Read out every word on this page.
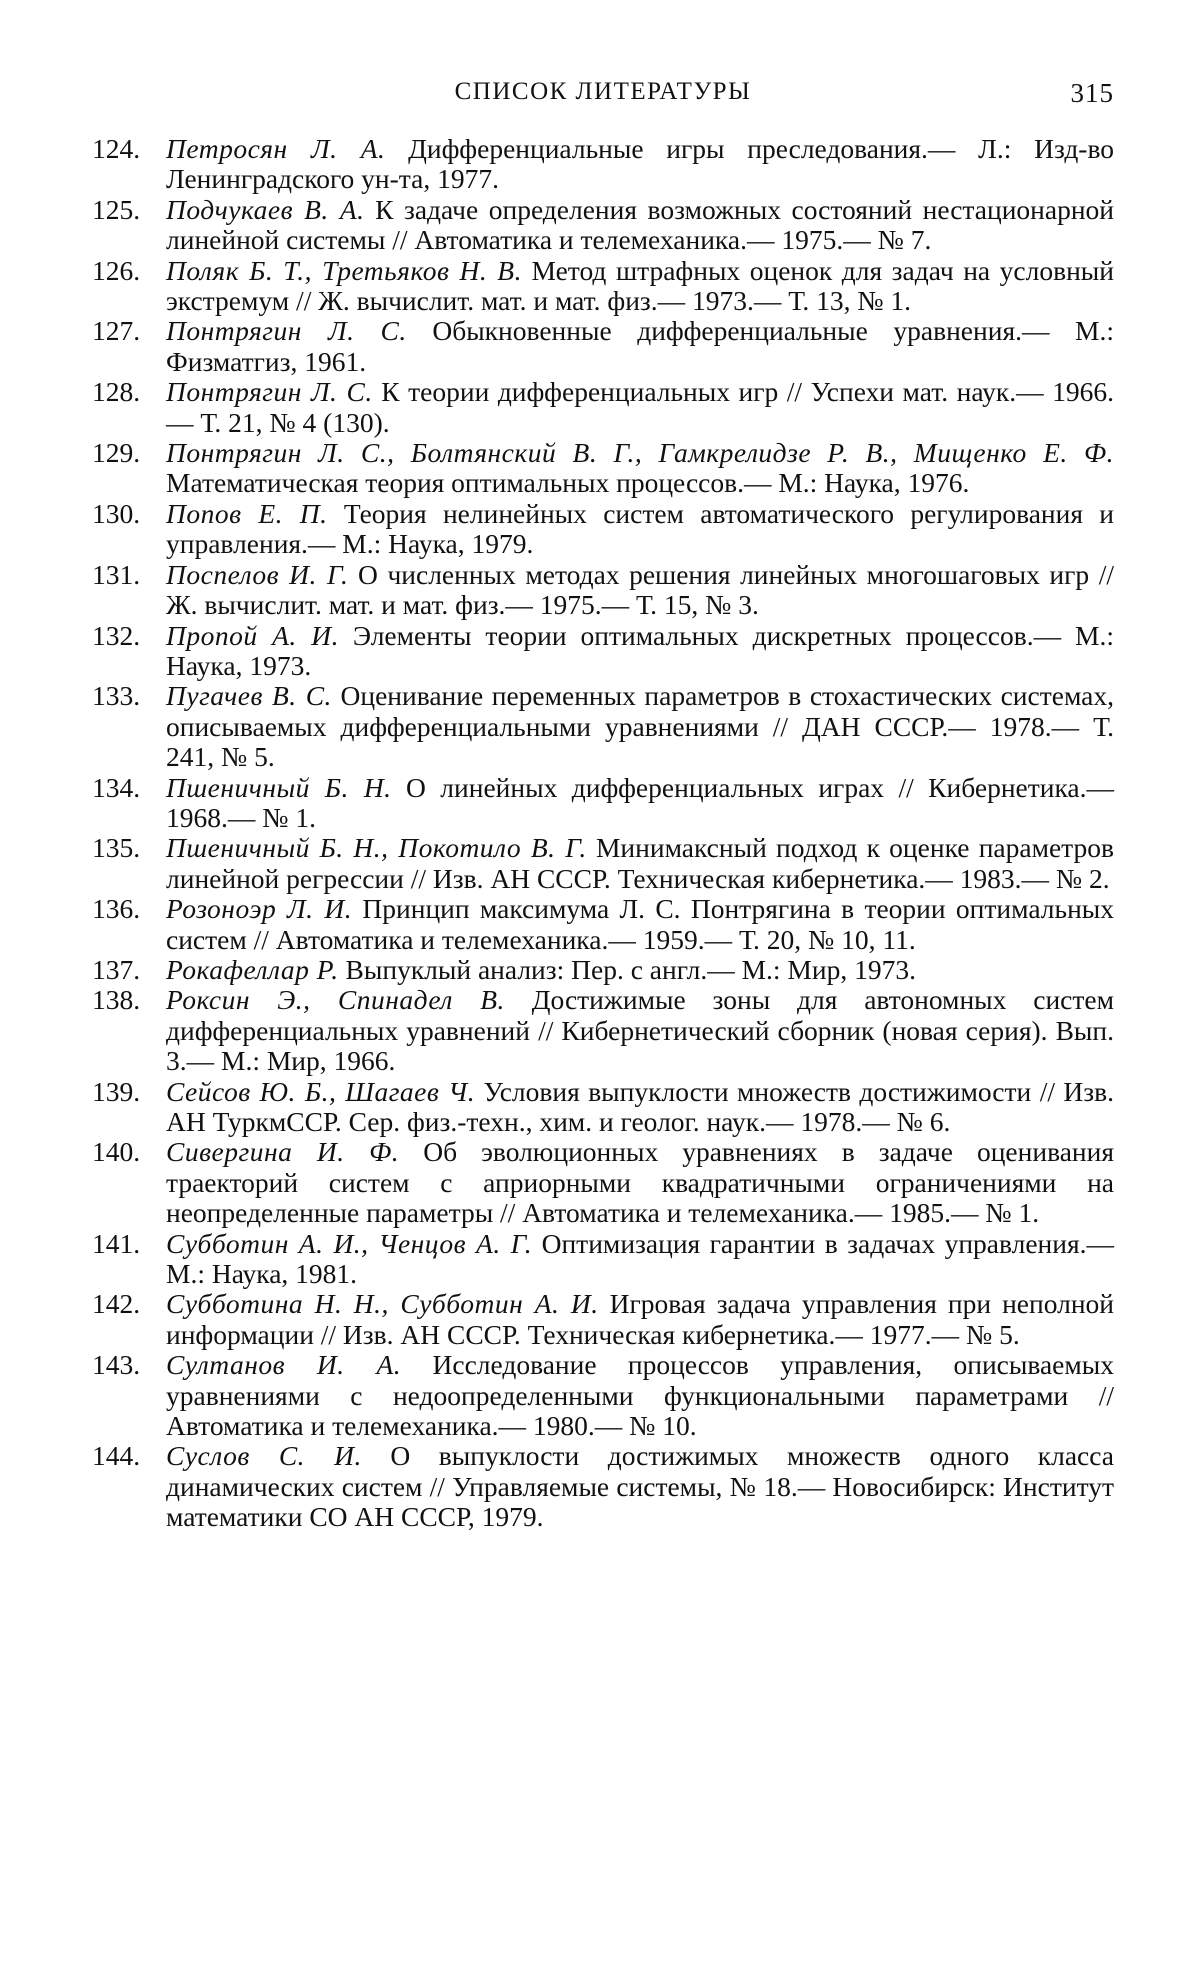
СПИСОК ЛИТЕРАТУРЫ	315
124. Петросян Л. А. Дифференциальные игры преследования.— Л.: Изд-во Ленинградского ун-та, 1977.
125. Подчукаев В. А. К задаче определения возможных состояний нестационарной линейной системы // Автоматика и телемеханика.— 1975.— № 7.
126. Поляк Б. Т., Третьяков Н. В. Метод штрафных оценок для задач на условный экстремум // Ж. вычислит. мат. и мат. физ.— 1973.— Т. 13, № 1.
127. Понтрягин Л. С. Обыкновенные дифференциальные уравнения.— М.: Физматгиз, 1961.
128. Понтрягин Л. С. К теории дифференциальных игр // Успехи мат. наук.— 1966.— Т. 21, № 4 (130).
129. Понтрягин Л. С., Болтянский В. Г., Гамкрелидзе Р. В., Мищенко Е. Ф. Математическая теория оптимальных процессов.— М.: Наука, 1976.
130. Попов Е. П. Теория нелинейных систем автоматического регулирования и управления.— М.: Наука, 1979.
131. Поспелов И. Г. О численных методах решения линейных многошаговых игр // Ж. вычислит. мат. и мат. физ.— 1975.— Т. 15, № 3.
132. Пропой А. И. Элементы теории оптимальных дискретных процессов.— М.: Наука, 1973.
133. Пугачев В. С. Оценивание переменных параметров в стохастических системах, описываемых дифференциальными уравнениями // ДАН СССР.— 1978.— Т. 241, № 5.
134. Пшеничный Б. Н. О линейных дифференциальных играх // Кибернетика.— 1968.— № 1.
135. Пшеничный Б. Н., Покотило В. Г. Минимаксный подход к оценке параметров линейной регрессии // Изв. АН СССР. Техническая кибернетика.— 1983.— № 2.
136. Розоноэр Л. И. Принцип максимума Л. С. Понтрягина в теории оптимальных систем // Автоматика и телемеханика.— 1959.— Т. 20, № 10, 11.
137. Рокафеллар Р. Выпуклый анализ: Пер. с англ.— М.: Мир, 1973.
138. Роксин Э., Спинадел В. Достижимые зоны для автономных систем дифференциальных уравнений // Кибернетический сборник (новая серия). Вып. 3.— М.: Мир, 1966.
139. Сейсов Ю. Б., Шагаев Ч. Условия выпуклости множеств достижимости // Изв. АН ТуркмССР. Сер. физ.-техн., хим. и геолог. наук.— 1978.— № 6.
140. Сивергина И. Ф. Об эволюционных уравнениях в задаче оценивания траекторий систем с априорными квадратичными ограничениями на неопределенные параметры // Автоматика и телемеханика.— 1985.— № 1.
141. Субботин А. И., Ченцов А. Г. Оптимизация гарантии в задачах управления.— М.: Наука, 1981.
142. Субботина Н. Н., Субботин А. И. Игровая задача управления при неполной информации // Изв. АН СССР. Техническая кибернетика.— 1977.— № 5.
143. Султанов И. А. Исследование процессов управления, описываемых уравнениями с недоопределенными функциональными параметрами // Автоматика и телемеханика.— 1980.— № 10.
144. Суслов С. И. О выпуклости достижимых множеств одного класса динамических систем // Управляемые системы, № 18.— Новосибирск: Институт математики СО АН СССР, 1979.
